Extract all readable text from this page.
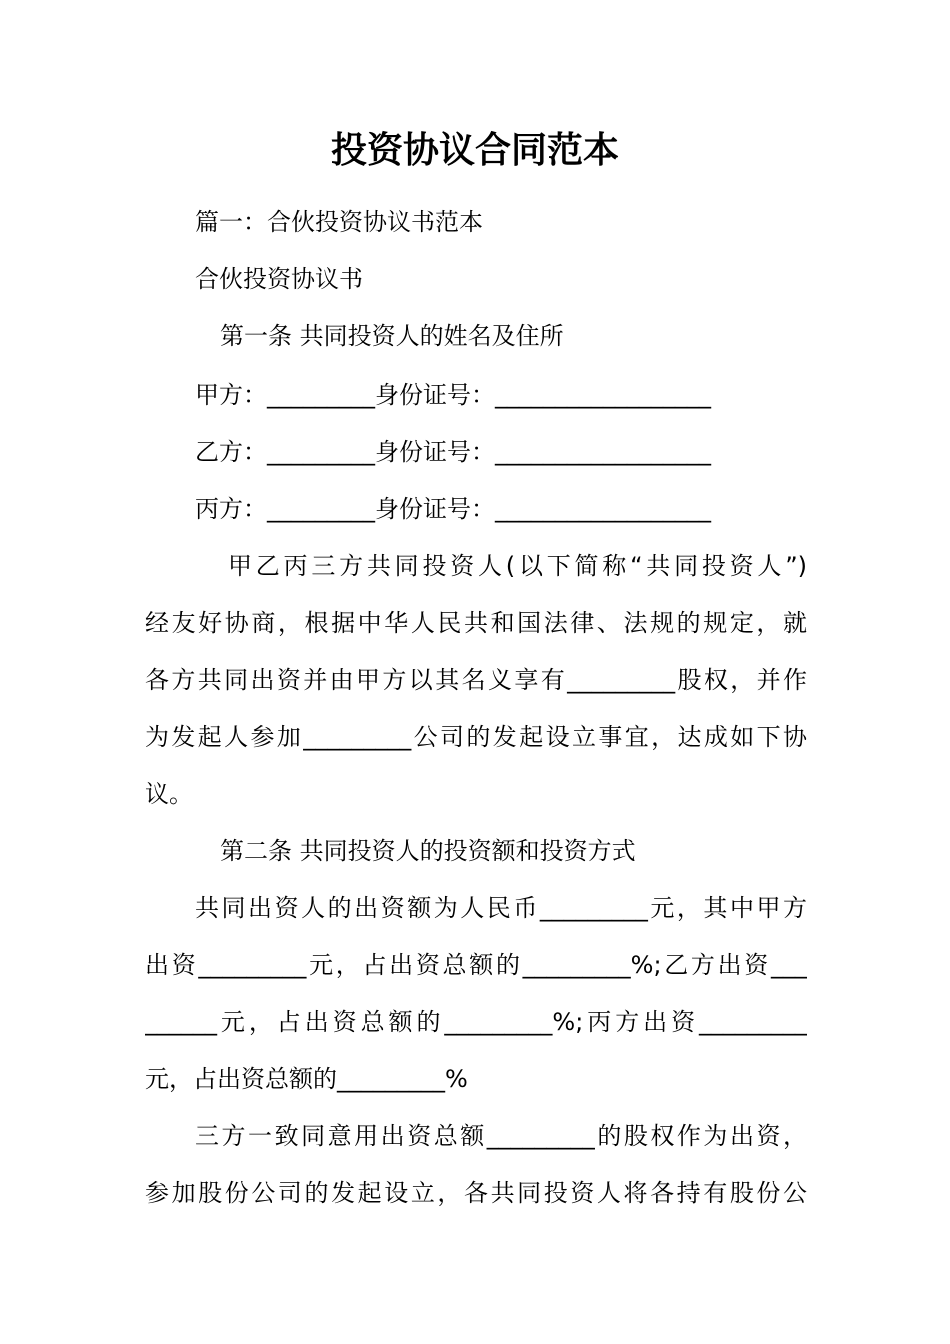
投资协议合同范本
篇一：合伙投资协议书范本
合伙投资协议书
第一条 共同投资人的姓名及住所
甲方：_________身份证号：__________________
乙方：_________身份证号：__________________
丙方：_________身份证号：__________________
甲乙丙三方共同投资人(以下简称“共同投资人”)
经友好协商，根据中华人民共和国法律、法规的规定，就
各方共同出资并由甲方以其名义享有_________股权，并作
为发起人参加_________公司的发起设立事宜，达成如下协
议。
第二条 共同投资人的投资额和投资方式
共同出资人的出资额为人民币_________元，其中甲方
出资_________元，占出资总额的_________%;乙方出资___
______元，占出资总额的_________%;丙方出资_________
元，占出资总额的_________%
三方一致同意用出资总额_________的股权作为出资，
参加股份公司的发起设立，各共同投资人将各持有股份公
